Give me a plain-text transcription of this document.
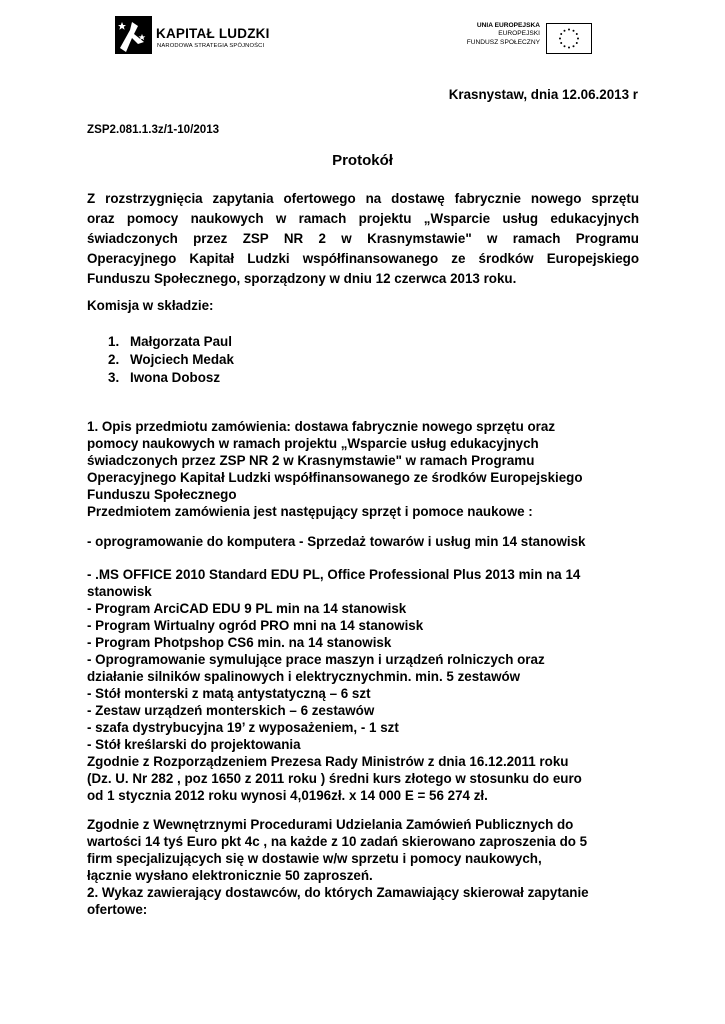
KAPITAŁ LUDZKI
NARODOWA STRATEGIA SPÓJNOŚCI
UNIA EUROPEJSKA
EUROPEJSKI
FUNDUSZ SPOŁECZNY
Krasnystaw, dnia 12.06.2013 r
ZSP2.081.1.3z/1-10/2013
Protokół
Z rozstrzygnięcia zapytania ofertowego na dostawę fabrycznie nowego sprzętu
oraz pomocy naukowych w ramach projektu „Wsparcie usług edukacyjnych
świadczonych przez ZSP NR 2 w Krasnymstawie" w ramach Programu
Operacyjnego Kapitał Ludzki współfinansowanego ze środków Europejskiego
Funduszu Społecznego, sporządzony w dniu 12 czerwca 2013 roku.
Komisja w składzie:
1. Małgorzata Paul
2. Wojciech Medak
3. Iwona Dobosz
1. Opis przedmiotu zamówienia: dostawa fabrycznie nowego sprzętu oraz
pomocy naukowych w ramach projektu „Wsparcie usług edukacyjnych
świadczonych przez ZSP NR 2 w Krasnymstawie" w ramach Programu
Operacyjnego Kapitał Ludzki współfinansowanego ze środków Europejskiego
Funduszu Społecznego
Przedmiotem zamówienia jest następujący sprzęt i pomoce naukowe :
- oprogramowanie do komputera - Sprzedaż towarów i usług min 14 stanowisk
- .MS OFFICE 2010 Standard EDU PL, Office Professional Plus 2013 min na 14
stanowisk
- Program ArciCAD EDU 9 PL min na 14 stanowisk
- Program Wirtualny ogród PRO mni na 14 stanowisk
- Program Photpshop CS6 min. na 14 stanowisk
- Oprogramowanie symulujące prace maszyn i urządzeń rolniczych oraz
działanie silników spalinowych i elektrycznychmin. min. 5 zestawów
- Stół monterski z matą antystatyczną – 6 szt
- Zestaw urządzeń monterskich – 6 zestawów
- szafa dystrybucyjna 19’ z wyposażeniem, - 1 szt
- Stół kreślarski do projektowania
Zgodnie z Rozporządzeniem Prezesa Rady Ministrów z dnia 16.12.2011 roku
(Dz. U. Nr 282 , poz 1650 z 2011 roku ) średni kurs złotego w stosunku do euro
od 1 stycznia 2012 roku wynosi 4,0196zł. x 14 000 E = 56 274 zł.
Zgodnie z Wewnętrznymi Procedurami Udzielania Zamówień Publicznych do
wartości 14 tyś Euro pkt 4c , na każde z 10 zadań skierowano zaproszenia do 5
firm specjalizujących się w dostawie w/w sprzetu i pomocy naukowych,
łącznie wysłano elektronicznie 50 zaproszeń.
2. Wykaz zawierający dostawców, do których Zamawiający skierował zapytanie
ofertowe:
